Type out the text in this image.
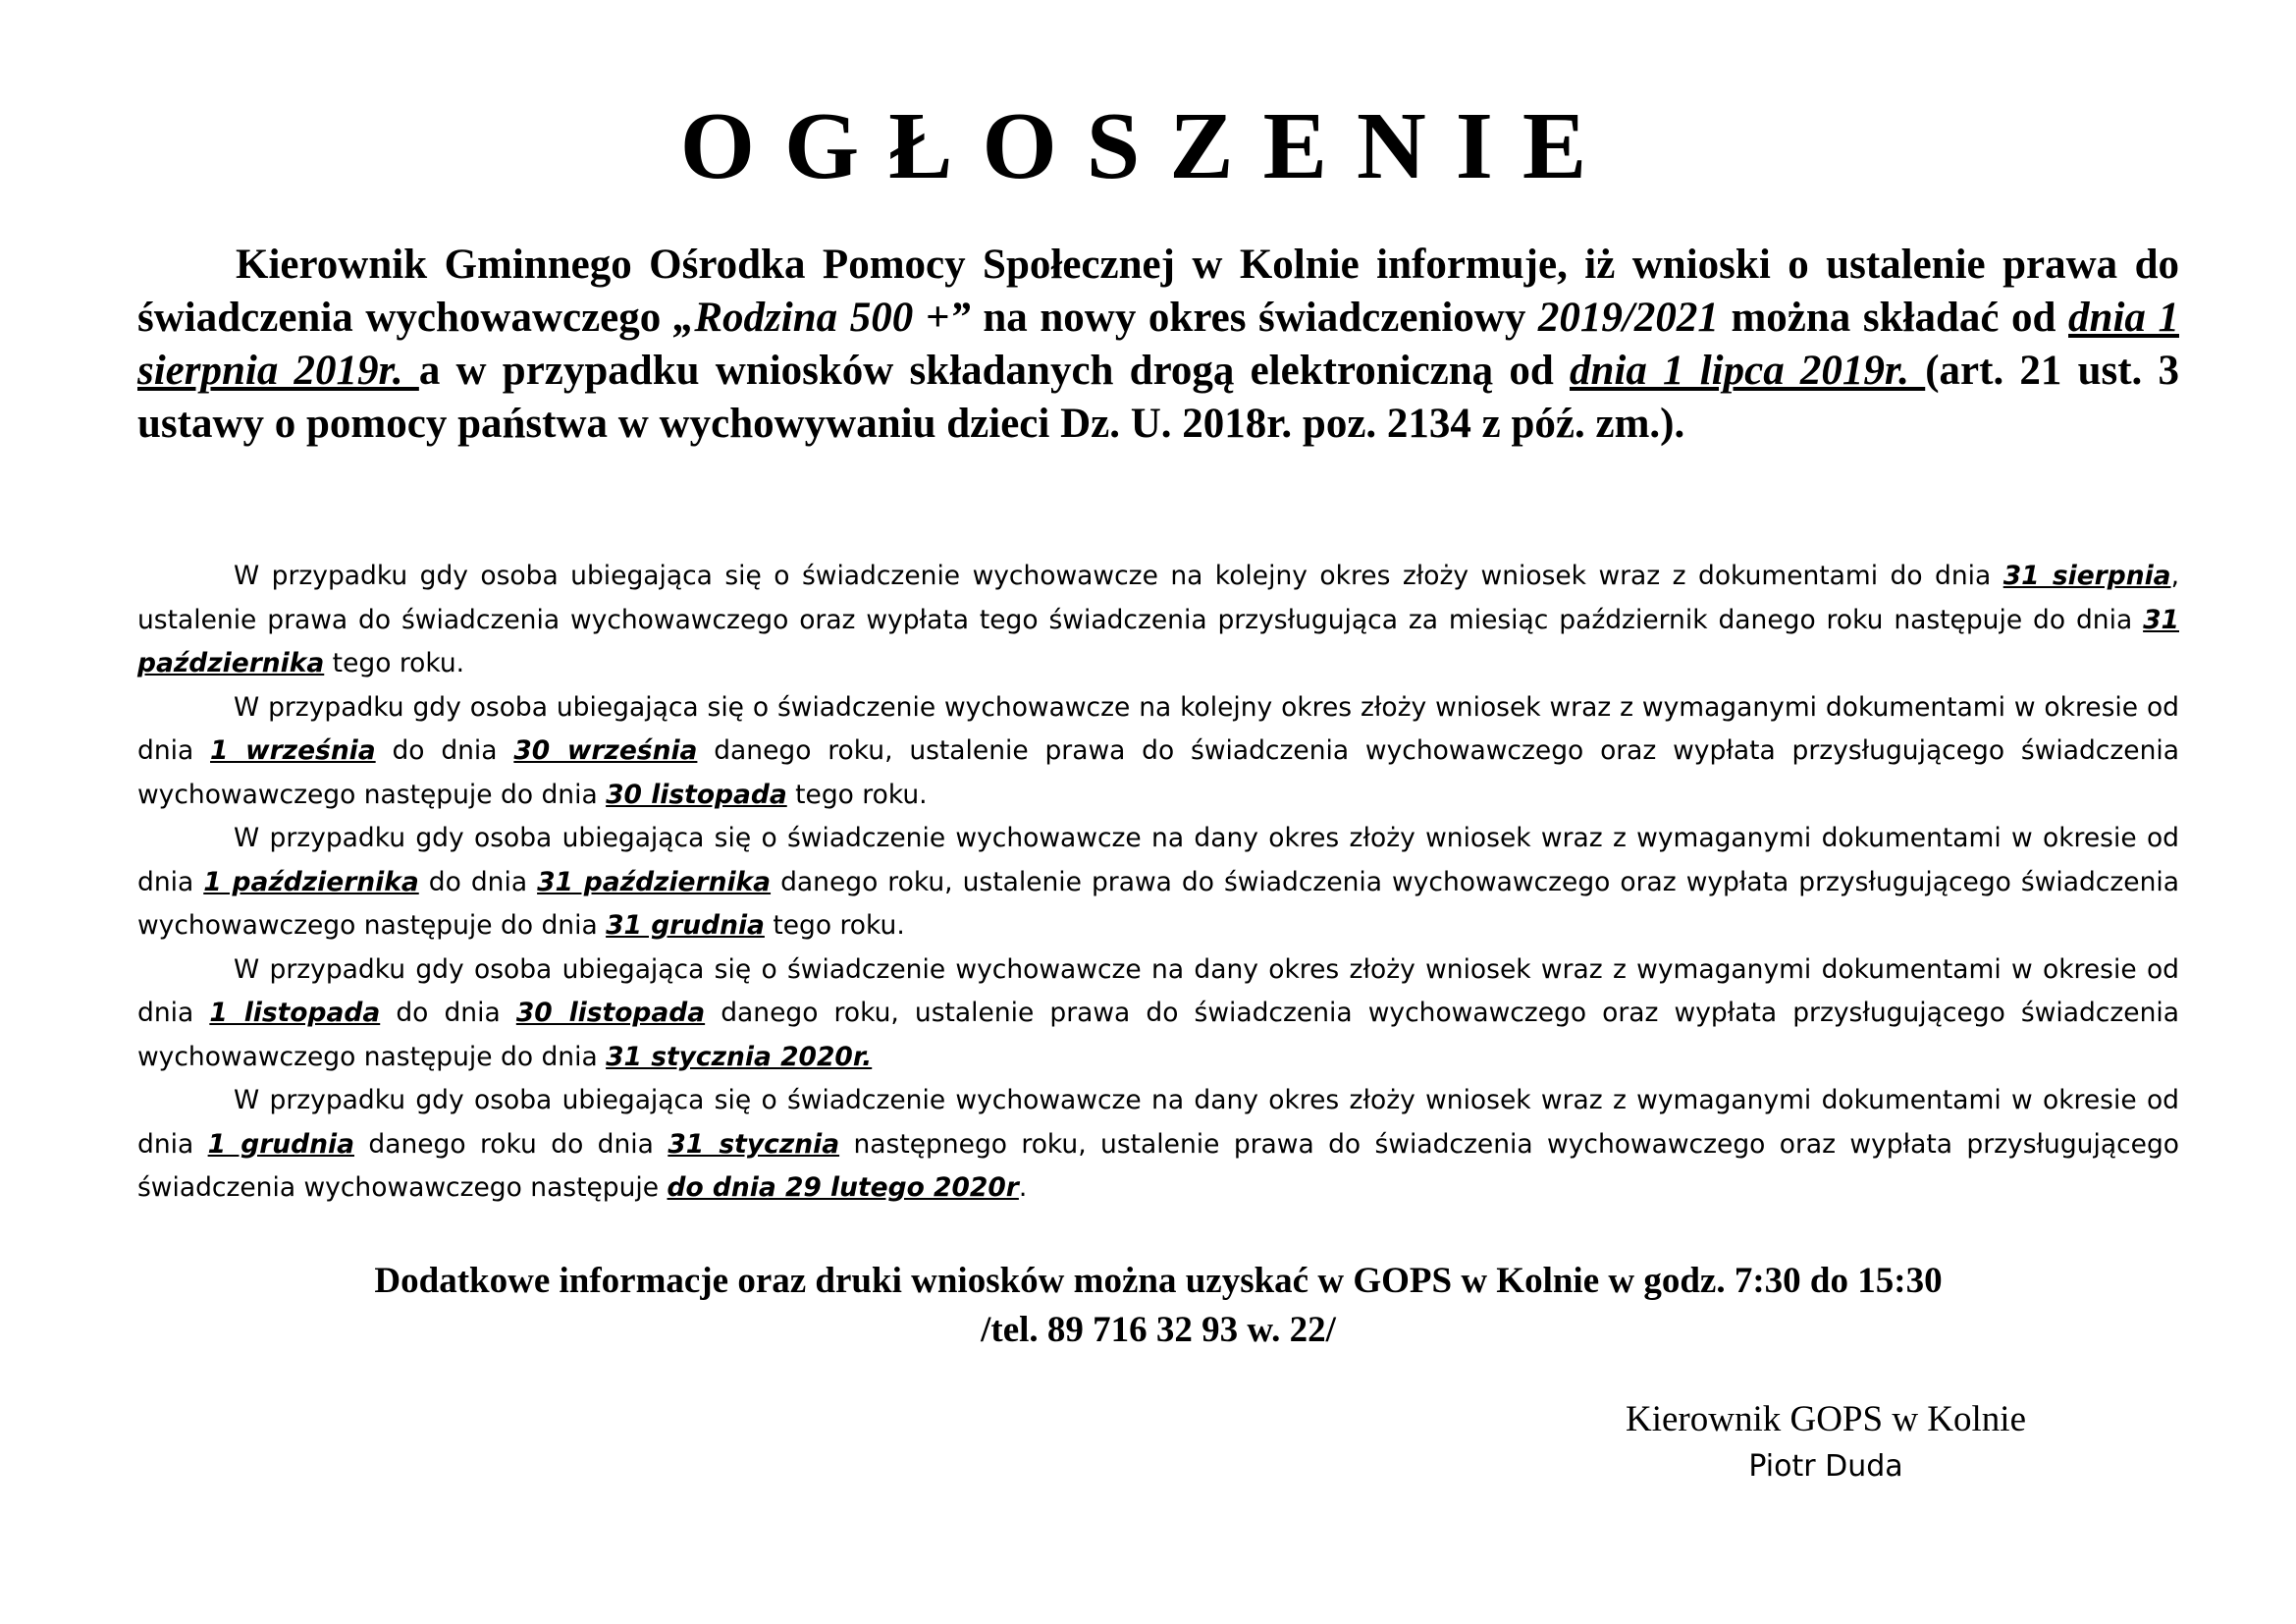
OGŁOSZENIE

Kierownik Gminnego Ośrodka Pomocy Społecznej w Kolnie informuje, iż wnioski o ustalenie prawa do świadczenia wychowawczego „Rodzina 500 +” na nowy okres świadczeniowy 2019/2021 można składać od dnia 1 sierpnia 2019r. a w przypadku wniosków składanych drogą elektroniczną od dnia 1 lipca 2019r. (art. 21 ust. 3 ustawy o pomocy państwa w wychowywaniu dzieci Dz. U. 2018r. poz. 2134 z póź. zm.).

W przypadku gdy osoba ubiegająca się o świadczenie wychowawcze na kolejny okres złoży wniosek wraz z dokumentami do dnia 31 sierpnia, ustalenie prawa do świadczenia wychowawczego oraz wypłata tego świadczenia przysługująca za miesiąc październik danego roku następuje do dnia 31 października tego roku.

W przypadku gdy osoba ubiegająca się o świadczenie wychowawcze na kolejny okres złoży wniosek wraz z wymaganymi dokumentami w okresie od dnia 1 września do dnia 30 września danego roku, ustalenie prawa do świadczenia wychowawczego oraz wypłata przysługującego świadczenia wychowawczego następuje do dnia 30 listopada tego roku.

W przypadku gdy osoba ubiegająca się o świadczenie wychowawcze na dany okres złoży wniosek wraz z wymaganymi dokumentami w okresie od dnia 1 października do dnia 31 października danego roku, ustalenie prawa do świadczenia wychowawczego oraz wypłata przysługującego świadczenia wychowawczego następuje do dnia 31 grudnia tego roku.

W przypadku gdy osoba ubiegająca się o świadczenie wychowawcze na dany okres złoży wniosek wraz z wymaganymi dokumentami w okresie od dnia 1 listopada do dnia 30 listopada danego roku, ustalenie prawa do świadczenia wychowawczego oraz wypłata przysługującego świadczenia wychowawczego następuje do dnia 31 stycznia 2020r.

W przypadku gdy osoba ubiegająca się o świadczenie wychowawcze na dany okres złoży wniosek wraz z wymaganymi dokumentami w okresie od dnia 1 grudnia danego roku do dnia 31 stycznia następnego roku, ustalenie prawa do świadczenia wychowawczego oraz wypłata przysługującego świadczenia wychowawczego następuje do dnia 29 lutego 2020r.

Dodatkowe informacje oraz druki wniosków można uzyskać w GOPS w Kolnie w godz. 7:30 do 15:30
/tel. 89 716 32 93 w. 22/
Kierownik GOPS w Kolnie
Piotr Duda
